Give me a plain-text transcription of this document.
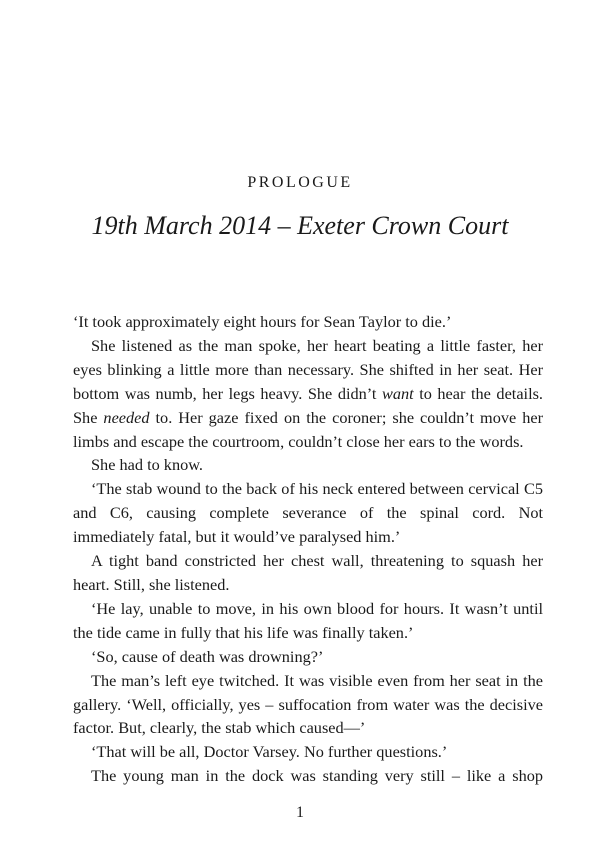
PROLOGUE
19th March 2014 – Exeter Crown Court

‘It took approximately eight hours for Sean Taylor to die.’

She listened as the man spoke, her heart beating a little faster, her eyes blinking a little more than necessary. She shifted in her seat. Her bottom was numb, her legs heavy. She didn’t want to hear the details. She needed to. Her gaze fixed on the coroner; she couldn’t move her limbs and escape the courtroom, couldn’t close her ears to the words.

She had to know.

‘The stab wound to the back of his neck entered between cervical C5 and C6, causing complete severance of the spinal cord. Not immediately fatal, but it would’ve paralysed him.’

A tight band constricted her chest wall, threatening to squash her heart. Still, she listened.

‘He lay, unable to move, in his own blood for hours. It wasn’t until the tide came in fully that his life was finally taken.’

‘So, cause of death was drowning?’

The man’s left eye twitched. It was visible even from her seat in the gallery. ‘Well, officially, yes – suffocation from water was the decisive factor. But, clearly, the stab which caused—’

‘That will be all, Doctor Varsey. No further questions.’

The young man in the dock was standing very still – like a shop

1
